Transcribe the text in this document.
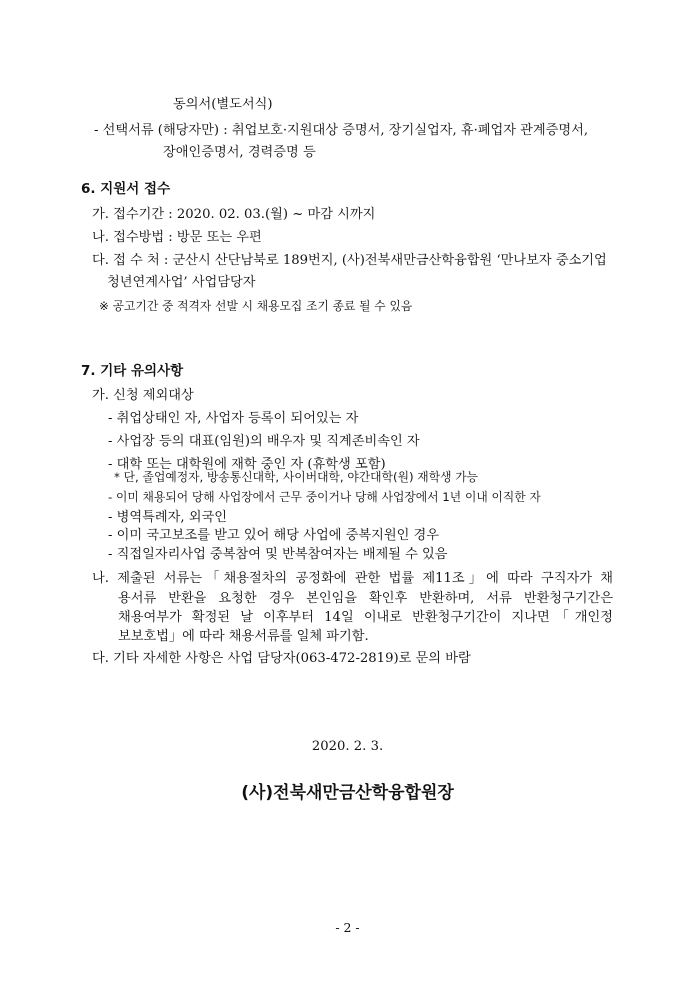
동의서(별도서식)
- 선택서류 (해당자만) : 취업보호·지원대상 증명서, 장기실업자, 휴·폐업자 관계증명서,
장애인증명서, 경력증명 등
6. 지원서 접수
가. 접수기간 : 2020. 02. 03.(월) ~ 마감 시까지
나. 접수방법 : 방문 또는 우편
다. 접 수 처 : 군산시 산단남북로 189번지, (사)전북새만금산학융합원 ‘만나보자 중소기업
청년연계사업’ 사업담당자
※ 공고기간 중 적격자 선발 시 채용모집 조기 종료 될 수 있음
7. 기타 유의사항
가. 신청 제외대상
- 취업상태인 자, 사업자 등록이 되어있는 자
- 사업장 등의 대표(임원)의 배우자 및 직계존비속인 자
- 대학 또는 대학원에 재학 중인 자 (휴학생 포함)
* 단, 졸업예정자, 방송통신대학, 사이버대학, 야간대학(원) 재학생 가능
- 이미 채용되어 당해 사업장에서 근무 중이거나 당해 사업장에서 1년 이내 이직한 자
- 병역특례자, 외국인
- 이미 국고보조를 받고 있어 해당 사업에 중복지원인 경우
- 직접일자리사업 중복참여 및 반복참여자는 배제될 수 있음
나. 제출된 서류는「채용절차의 공정화에 관한 법률 제11조」에 따라 구직자가 채
용서류 반환을 요청한 경우 본인임을 확인후 반환하며, 서류 반환청구기간은
채용여부가 확정된 날 이후부터 14일 이내로 반환청구기간이 지나면「개인정
보보호법」에 따라 채용서류를 일체 파기함.
다. 기타 자세한 사항은 사업 담당자(063-472-2819)로 문의 바람
2020. 2. 3.
(사)전북새만금산학융합원장
- 2 -
